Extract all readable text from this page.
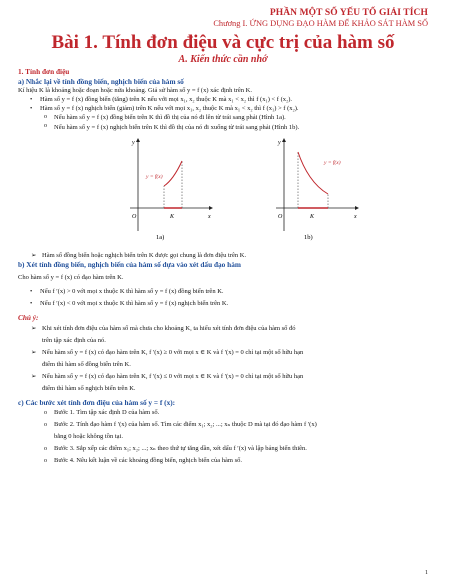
PHẦN MỘT SỐ YẾU TỐ GIẢI TÍCH
Chương I. ỨNG DỤNG ĐẠO HÀM ĐỂ KHẢO SÁT HÀM SỐ
Bài 1. Tính đơn điệu và cực trị của hàm số
A. Kiến thức cần nhớ
1. Tính đơn điệu
a) Nhắc lại về tính đồng biến, nghịch biến của hàm số

Kí hiệu K là khoảng hoặc đoạn hoặc nửa khoảng. Giả sử hàm số y = f (x) xác định trên K.

• Hàm số y = f (x) đồng biến (tăng) trên K nếu với mọi x₁, x₂ thuộc K mà x₁ < x₂ thì f (x₁) < f (x₂).
• Hàm số y = f (x) nghịch biến (giảm) trên K nếu với mọi x₁, x₂ thuộc K mà x₁ < x₂ thì f (x₁) > f (x₂).
o Nếu hàm số y = f (x) đồng biến trên K thì đồ thị của nó đi lên từ trái sang phải (Hình 1a).
o Nếu hàm số y = f (x) nghịch biến trên K thì đồ thị của nó đi xuống từ trái sang phải (Hình 1b).
y
x
O	K
y = f(x)
1a)
y
x
O	K
y = f(x)
1b)
➢ Hàm số đồng biến hoặc nghịch biến trên K được gọi chung là đơn điệu trên K.
b) Xét tính đồng biến, nghịch biến của hàm số dựa vào xét dấu đạo hàm

Cho hàm số y = f (x) có đạo hàm trên K.

• Nếu f ′(x) > 0 với mọi x thuộc K thì hàm số y = f (x) đồng biến trên K.
• Nếu f ′(x) < 0 với mọi x thuộc K thì hàm số y = f (x) nghịch biến trên K.
Chú ý:
➢ Khi xét tính đơn điệu của hàm số mà chưa cho khoảng K, ta hiểu xét tính đơn điệu của hàm số đó

trên tập xác định của nó.

➢ Nếu hàm số y = f (x) có đạo hàm trên K, f ′(x) ≥ 0 với mọi x ∈ K và f ′(x) = 0 chỉ tại một số hữu hạn

điểm thì hàm số đồng biến trên K.

➢ Nếu hàm số y = f (x) có đạo hàm trên K, f ′(x) ≤ 0 với mọi x ∈ K và f ′(x) = 0 chỉ tại một số hữu hạn

điểm thì hàm số nghịch biến trên K.

c) Các bước xét tính đơn điệu của hàm số y = f (x):
o Bước 1. Tìm tập xác định D của hàm số.
o Bước 2. Tính đạo hàm f ′(x) của hàm số. Tìm các điểm x₁; x₂; ...; xₙ thuộc D mà tại đó đạo hàm f ′(x)

bằng 0 hoặc không tồn tại.

o Bước 3. Sắp xếp các điểm x₁; x₂; ...; xₙ theo thứ tự tăng dần, xét dấu f ′(x) và lập bảng biến thiên.
o Bước 4. Nêu kết luận về các khoảng đồng biến, nghịch biến của hàm số.
1
